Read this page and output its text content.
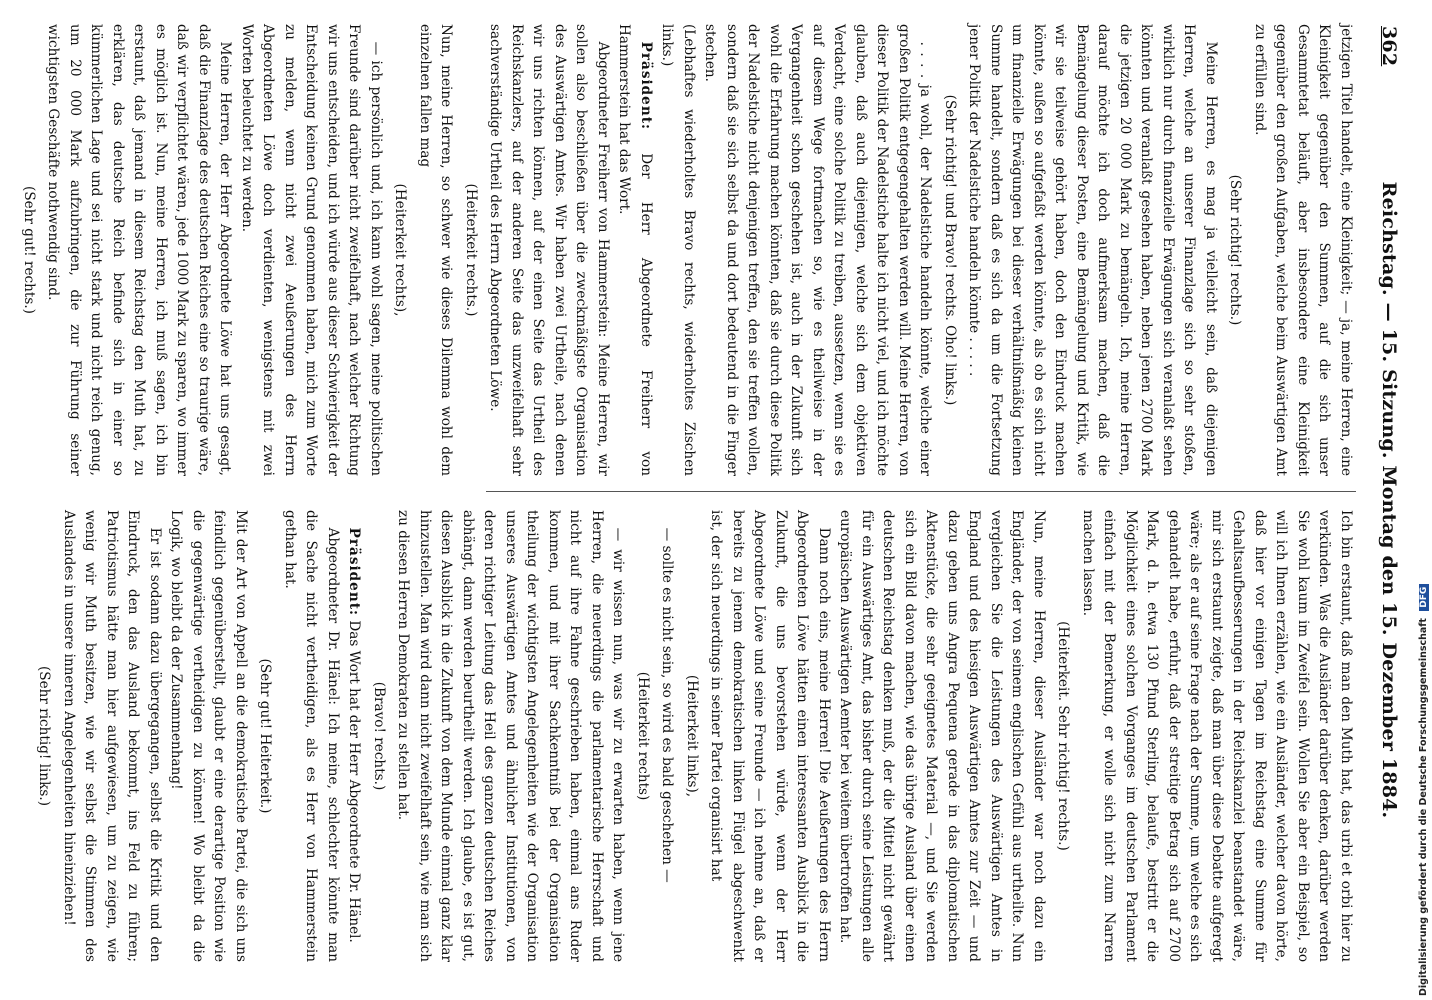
362
Reichstag. — 15. Sitzung. Montag den 15. Dezember 1884.

jetzigen Titel handelt, eine Kleinigkeit; — ja, meine Herren, eine Kleinigkeit gegenüber den Summen, auf die sich unser Gesammtetat beläuft, aber insbesondere eine Kleinigkeit gegenüber den großen Aufgaben, welche beim Auswärtigen Amt zu erfüllen sind.

(Sehr richtig! rechts.)

Meine Herren, es mag ja vielleicht sein, daß diejenigen Herren, welche an unserer Finanzlage sich so sehr stoßen, wirklich nur durch finanzielle Erwägungen sich veranlaßt sehen könnten und veranlaßt gesehen haben, neben jenen 2700 Mark die jetzigen 20 000 Mark zu bemängeln. Ich, meine Herren, darauf möchte ich doch aufmerksam machen, daß die Bemängelung dieser Posten, eine Bemängelung und Kritik, wie wir sie teilweise gehört haben, doch den Eindruck machen könnte, außen so aufgefaßt werden könnte, als ob es sich nicht um finanzielle Erwägungen bei dieser verhältnißmäßig kleinen Summe handelt, sondern daß es sich da um die Fortsetzung jener Politik der Nadelstiche handeln könnte . . . . .

(Sehr richtig! und Bravo! rechts. Oho! links.)

. . . . ja wohl, der Nadelstiche handeln könnte, welche einer großen Politik entgegengehalten werden will. Meine Herren, von dieser Politik der Nadelstiche halte ich nicht viel, und ich möchte glauben, daß auch diejenigen, welche sich dem objektiven Verdacht, eine solche Politik zu treiben, aussetzen, wenn sie es auf diesem Wege fortmachen so, wie es theilweise in der Vergangenheit schon geschehen ist, auch in der Zukunft sich wohl die Erfahrung machen könnten, daß sie durch diese Politik der Nadelstiche nicht denjenigen treffen, den sie treffen wollen, sondern daß sie sich selbst da und dort bedeutend in die Finger stechen.

(Lebhaftes wiederholtes Bravo rechts, wiederholtes Zischen links.)

Präsident: Der Herr Abgeordnete Freiherr von Hammerstein hat das Wort.

Abgeordneter Freiherr von Hammerstein: Meine Herren, wir sollen also beschließen über die zweckmäßigste Organisation des Auswärtigen Amtes. Wir haben zwei Urtheile, nach denen wir uns richten können, auf der einen Seite das Urtheil des Reichskanzlers, auf der anderen Seite das unzweifelhaft sehr sachverständige Urtheil des Herrn Abgeordneten Löwe.

(Heiterkeit rechts.)

Nun, meine Herren, so schwer wie dieses Dilemma wohl dem einzelnen fallen mag

(Heiterkeit rechts),

— ich persönlich und, ich kann wohl sagen, meine politischen Freunde sind darüber nicht zweifelhaft, nach welcher Richtung wir uns entscheiden, und ich würde aus dieser Schwierigkeit der Entscheidung keinen Grund genommen haben, mich zum Worte zu melden, wenn nicht zwei Aeußerungen des Herrn Abgeordneten Löwe doch verdienten, wenigstens mit zwei Worten beleuchtet zu werden.

Meine Herren, der Herr Abgeordnete Löwe hat uns gesagt, daß die Finanzlage des deutschen Reiches eine so traurige wäre, daß wir verpflichtet wären, jede 1000 Mark zu sparen, wo immer es möglich ist. Nun, meine Herren, ich muß sagen, ich bin erstaunt, daß jemand in diesem Reichstag den Muth hat, zu erklären, das deutsche Reich befinde sich in einer so kümmerlichen Lage und sei nicht stark und nicht reich genug, um 20 000 Mark aufzubringen, die zur Führung seiner wichtigsten Geschäfte nothwendig sind.

(Sehr gut! rechts.)

Ich bin erstaunt, daß man den Muth hat, das urbi et orbi hier zu verkünden. Was die Ausländer darüber denken, darüber werden Sie wohl kaum im Zweifel sein. Wollen Sie aber ein Beispiel, so will ich Ihnen erzählen, wie ein Ausländer, welcher davon hörte, daß hier vor einigen Tagen im Reichstag eine Summe für Gehaltsaufbesserungen in der Reichskanzlei beanstandet wäre, mir sich erstaunt zeigte, daß man über diese Debatte aufgeregt wäre; als er auf seine Frage nach der Summe, um welche es sich gehandelt habe, erfuhr, daß der streitige Betrag sich auf 2700 Mark, d. h. etwa 130 Pfund Sterling, belaufe, bestritt er die Möglichkeit eines solchen Vorganges im deutschen Parlament einfach mit der Bemerkung, er wolle sich nicht zum Narren machen lassen.

(Heiterkeit. Sehr richtig! rechts.)

Nun, meine Herren, dieser Ausländer war noch dazu ein Engländer, der von seinem englischen Gefühl aus urtheilte. Nun vergleichen Sie die Leistungen des Auswärtigen Amtes in England und des hiesigen Auswärtigen Amtes zur Zeit — und dazu geben uns Angra Pequena gerade in das diplomatischen Aktenstücke, die sehr geeignetes Material —, und Sie werden sich ein Bild davon machen, wie das übrige Ausland über einen deutschen Reichstag denken muß, der die Mittel nicht gewährt für ein Auswärtiges Amt, das bisher durch seine Leistungen alle europäischen Auswärtigen Aemter bei weitem übertroffen hat.

Dann noch eins, meine Herren! Die Aeußerungen des Herrn Abgeordneten Löwe hätten einen interessanten Ausblick in die Zukunft, die uns bevorstehen würde, wenn der Herr Abgeordnete Löwe und seine Freunde — ich nehme an, daß er bereits zu jenem demokratischen linken Flügel abgeschwenkt ist, der sich neuerdings in seiner Partei organisirt hat

(Heiterkeit links),

— sollte es nicht sein, so wird es bald geschehen —

(Heiterkeit rechts)

— wir wissen nun, was wir zu erwarten haben, wenn jene Herren, die neuerdings die parlamentarische Herrschaft und nicht auf ihre Fahne geschrieben haben, einmal ans Ruder kommen, und mit ihrer Sachkenntniß bei der Organisation theilung der wichtigsten Angelegenheiten wie der Organisation unseres Auswärtigen Amtes und ähnlicher Institutionen, von deren richtiger Leitung das Heil des ganzen deutschen Reiches abhängt, dann werden beurtheilt werden. Ich glaube, es ist gut, diesen Ausblick in die Zukunft von dem Munde einmal ganz klar hinzustellen. Man wird dann nicht zweifelhaft sein, wie man sich zu diesen Herren Demokraten zu stellen hat.

(Bravo! rechts.)

Präsident: Das Wort hat der Herr Abgeordnete Dr. Hänel.

Abgeordneter Dr. Hänel: Ich meine, schlechter könnte man die Sache nicht vertheidigen, als es Herr von Hammerstein gethan hat.

(Sehr gut! Heiterkeit.)

Mit der Art von Appell an die demokratische Partei, die sich uns feindlich gegenüberstellt, glaubt er eine derartige Position wie die gegenwärtige vertheidigen zu können! Wo bleibt da die Logik, wo bleibt da der Zusammenhang!

Er ist sodann dazu übergegangen, selbst die Kritik und den Eindruck, den das Ausland bekommt, ins Feld zu führen; Patriotismus hätte man hier aufgewiesen, um zu zeigen, wie wenig wir Muth besitzen, wie wir selbst die Stimmen des Auslandes in unsere inneren Angelegenheiten hineinziehen!

(Sehr richtig! links.)	Digitalisierung gefördert durch die Deutsche Forschungsgemeinschaft DFG
